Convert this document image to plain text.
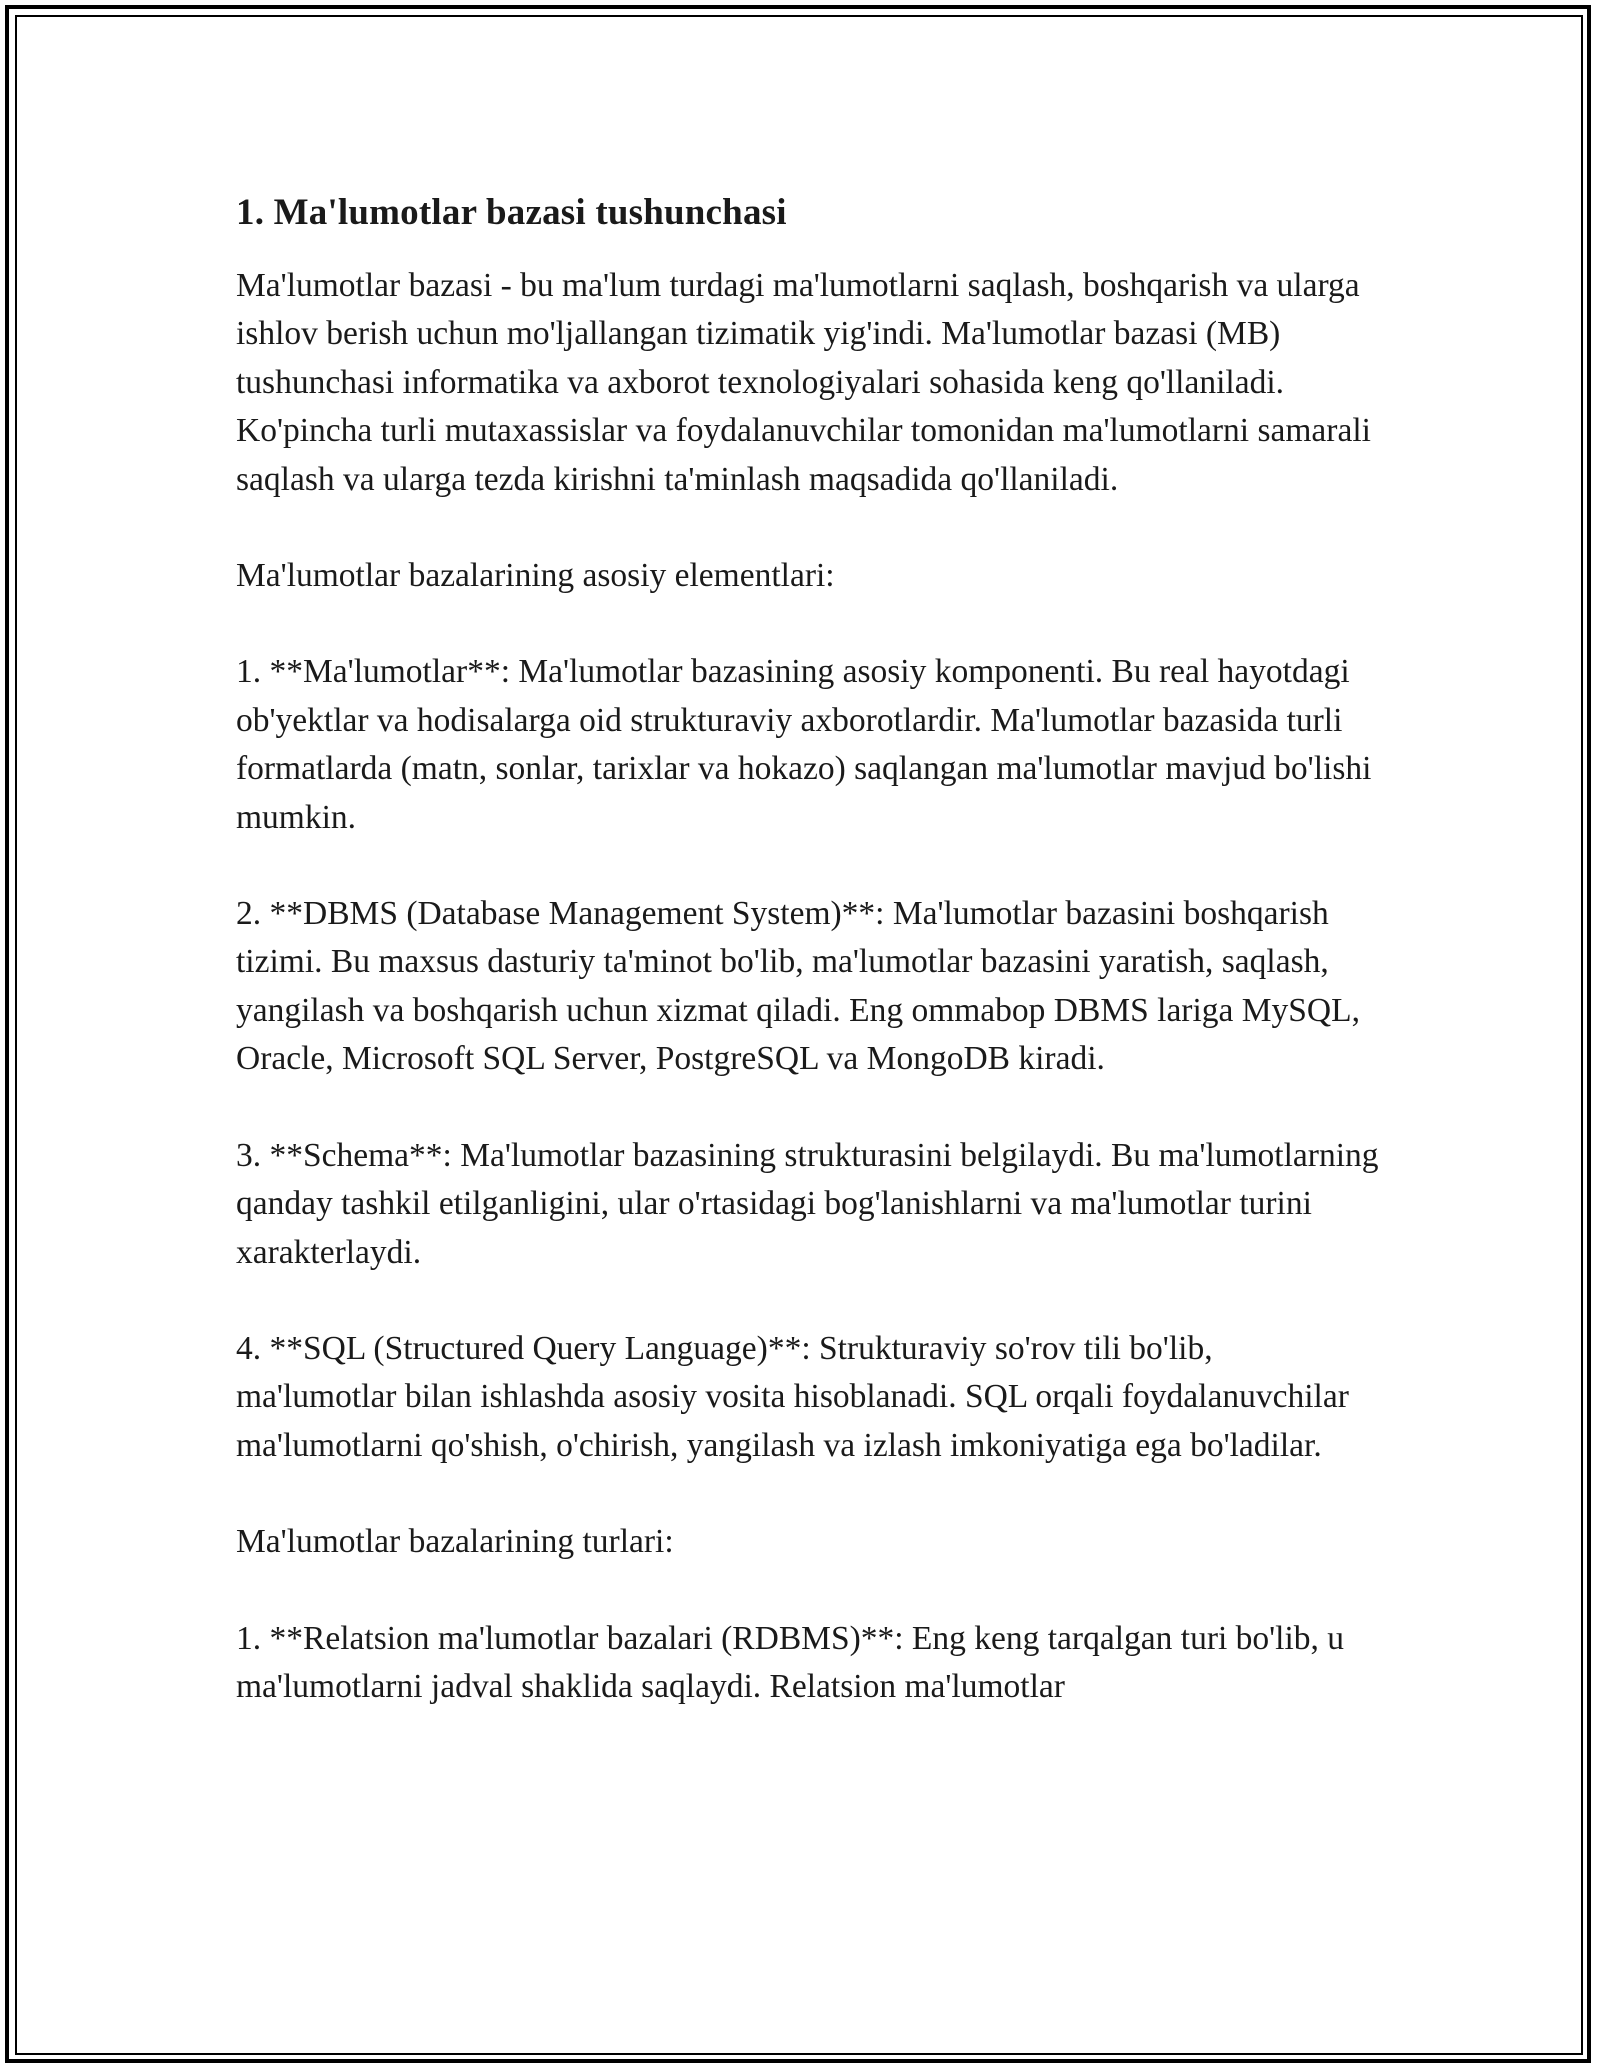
1. Ma'lumotlar bazasi tushunchasi

Ma'lumotlar bazasi - bu ma'lum turdagi ma'lumotlarni saqlash, boshqarish va ularga ishlov berish uchun mo'ljallangan tizimatik yig'indi. Ma'lumotlar bazasi (MB) tushunchasi informatika va axborot texnologiyalari sohasida keng qo'llaniladi. Ko'pincha turli mutaxassislar va foydalanuvchilar tomonidan ma'lumotlarni samarali saqlash va ularga tezda kirishni ta'minlash maqsadida qo'llaniladi.

Ma'lumotlar bazalarining asosiy elementlari:

1. **Ma'lumotlar**: Ma'lumotlar bazasining asosiy komponenti. Bu real hayotdagi ob'yektlar va hodisalarga oid strukturaviy axborotlardir. Ma'lumotlar bazasida turli formatlarda (matn, sonlar, tarixlar va hokazo) saqlangan ma'lumotlar mavjud bo'lishi mumkin.

2. **DBMS (Database Management System)**: Ma'lumotlar bazasini boshqarish tizimi. Bu maxsus dasturiy ta'minot bo'lib, ma'lumotlar bazasini yaratish, saqlash, yangilash va boshqarish uchun xizmat qiladi. Eng ommabop DBMS lariga MySQL, Oracle, Microsoft SQL Server, PostgreSQL va MongoDB kiradi.

3. **Schema**: Ma'lumotlar bazasining strukturasini belgilaydi. Bu ma'lumotlarning qanday tashkil etilganligini, ular o'rtasidagi bog'lanishlarni va ma'lumotlar turini xarakterlaydi.

4. **SQL (Structured Query Language)**: Strukturaviy so'rov tili bo'lib, ma'lumotlar bilan ishlashda asosiy vosita hisoblanadi. SQL orqali foydalanuvchilar ma'lumotlarni qo'shish, o'chirish, yangilash va izlash imkoniyatiga ega bo'ladilar.

Ma'lumotlar bazalarining turlari:

1. **Relatsion ma'lumotlar bazalari (RDBMS)**: Eng keng tarqalgan turi bo'lib, u ma'lumotlarni jadval shaklida saqlaydi. Relatsion ma'lumotlar
